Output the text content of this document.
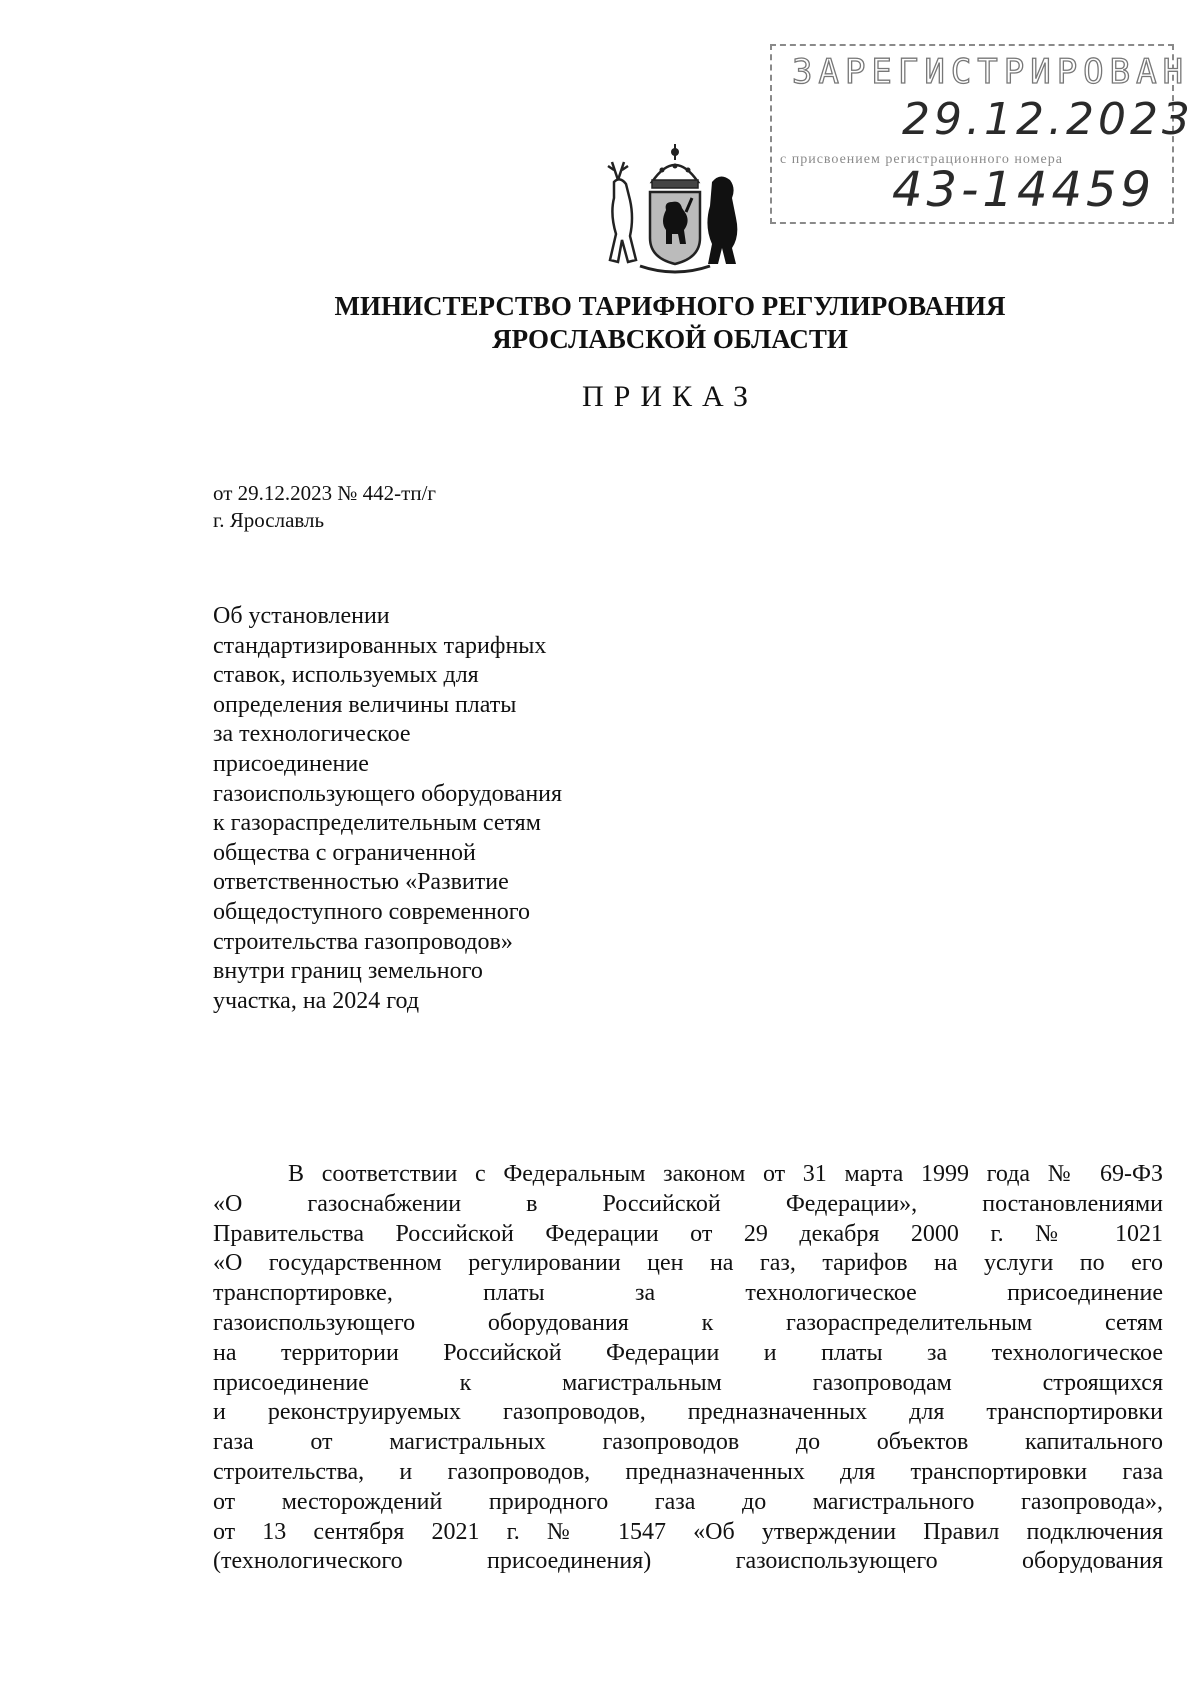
ЗАРЕГИСТРИРОВАН
29.12.2023
с присвоением регистрационного номера
43-14459
МИНИСТЕРСТВО ТАРИФНОГО РЕГУЛИРОВАНИЯ
ЯРОСЛАВСКОЙ ОБЛАСТИ
ПРИКАЗ
от 29.12.2023 № 442-тп/г
г. Ярославль
Об установлении
стандартизированных тарифных
ставок, используемых для
определения величины платы
за технологическое
присоединение
газоиспользующего оборудования
к газораспределительным сетям
общества с ограниченной
ответственностью «Развитие
общедоступного современного
строительства газопроводов»
внутри границ земельного
участка, на 2024 год
В соответствии с Федеральным законом от 31 марта 1999 года № 69-ФЗ
«О газоснабжении в Российской Федерации», постановлениями
Правительства Российской Федерации от 29 декабря 2000 г. № 1021
«О государственном регулировании цен на газ, тарифов на услуги по его
транспортировке, платы за технологическое присоединение
газоиспользующего оборудования к газораспределительным сетям
на территории Российской Федерации и платы за технологическое
присоединение к магистральным газопроводам строящихся
и реконструируемых газопроводов, предназначенных для транспортировки
газа от магистральных газопроводов до объектов капитального
строительства, и газопроводов, предназначенных для транспортировки газа
от месторождений природного газа до магистрального газопровода»,
от 13 сентября 2021 г. № 1547 «Об утверждении Правил подключения
(технологического присоединения) газоиспользующего оборудования
